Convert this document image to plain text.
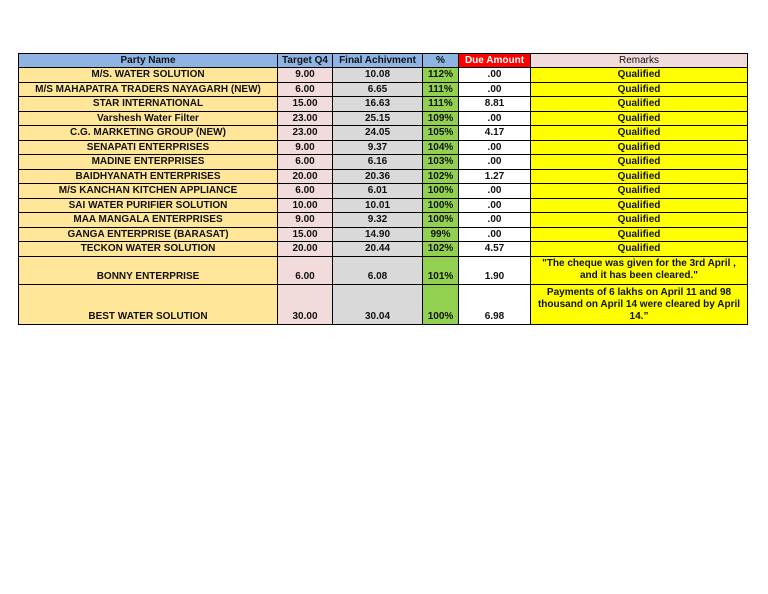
Party Name	Target Q4	Final Achivment	%	Due Amount	Remarks
M/S. WATER SOLUTION	9.00	10.08	112%	.00	Qualified
M/S MAHAPATRA TRADERS NAYAGARH (NEW)	6.00	6.65	111%	.00	Qualified
STAR INTERNATIONAL	15.00	16.63	111%	8.81	Qualified
Varshesh Water Filter	23.00	25.15	109%	.00	Qualified
C.G. MARKETING GROUP (NEW)	23.00	24.05	105%	4.17	Qualified
SENAPATI ENTERPRISES	9.00	9.37	104%	.00	Qualified
MADINE ENTERPRISES	6.00	6.16	103%	.00	Qualified
BAIDHYANATH ENTERPRISES	20.00	20.36	102%	1.27	Qualified
M/S KANCHAN KITCHEN APPLIANCE	6.00	6.01	100%	.00	Qualified
SAI WATER PURIFIER SOLUTION	10.00	10.01	100%	.00	Qualified
MAA MANGALA ENTERPRISES	9.00	9.32	100%	.00	Qualified
GANGA ENTERPRISE (BARASAT)	15.00	14.90	99%	.00	Qualified
TECKON WATER SOLUTION	20.00	20.44	102%	4.57	Qualified
BONNY ENTERPRISE	6.00	6.08	101%	1.90	"The cheque was given for the 3rd April , and it has been cleared."
BEST WATER SOLUTION	30.00	30.04	100%	6.98	Payments of 6 lakhs on April 11 and 98 thousand on April 14 were cleared by April 14.”
